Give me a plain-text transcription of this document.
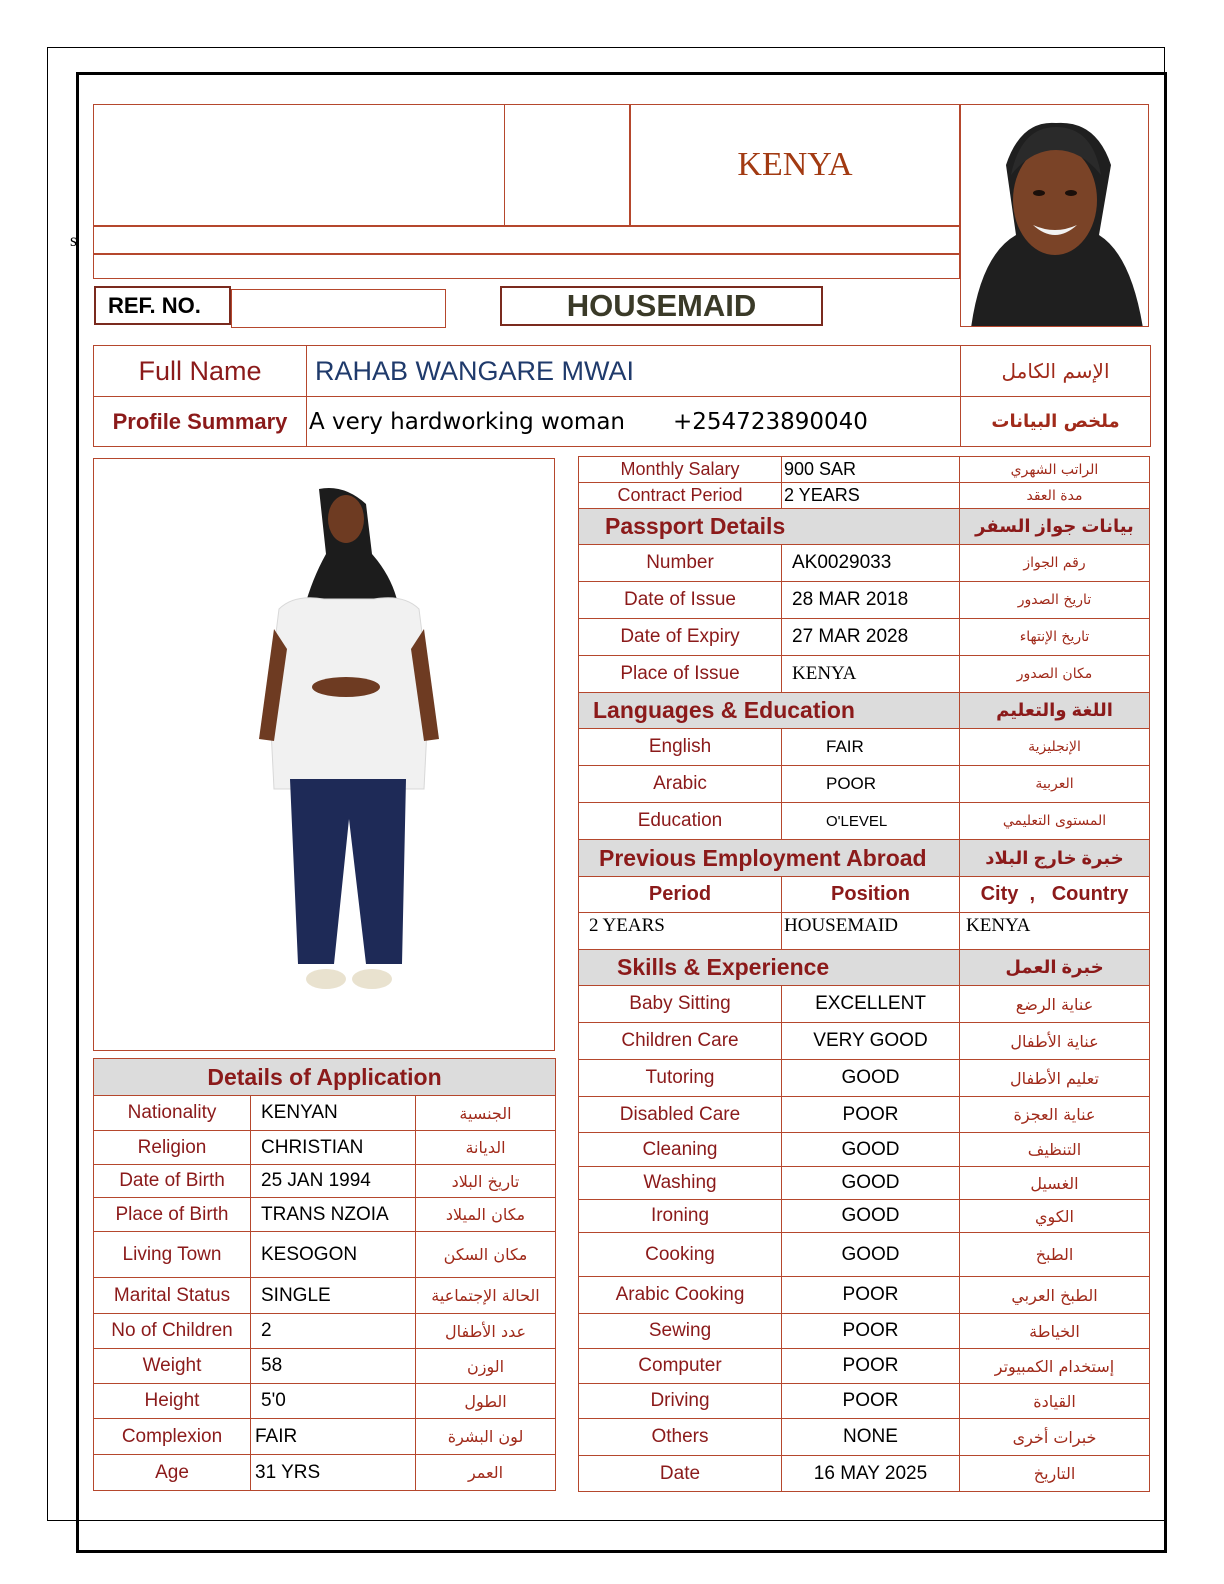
s
KENYA
REF. NO.	HOUSEMAID
Full Name	RAHAB WANGARE MWAI	الإسم الكامل
Profile Summary	A very hardworking woman +254723890040	ملخص البيانات
Details of Application		
Nationality	KENYAN	الجنسية
Religion	CHRISTIAN	الديانة
Date of Birth	25 JAN 1994	تاريخ البلاد
Place of Birth	TRANS NZOIA	مكان الميلاد
Living Town	KESOGON	مكان السكن
Marital Status	SINGLE	الحالة الإجتماعية
No of Children	2	عدد الأطفال
Weight	58	الوزن
Height	5'0	الطول
Complexion	FAIR	لون البشرة
Age	31 YRS	العمر
Monthly Salary	900 SAR	الراتب الشهري
Contract Period	2 YEARS	مدة العقد
Passport Details		بيانات جواز السفر
Number	AK0029033	رقم الجواز
Date of Issue	28 MAR 2018	تاريخ الصدور
Date of Expiry	27 MAR 2028	تاريخ الإنتهاء
Place of Issue	KENYA	مكان الصدور
Languages & Education		اللغة والتعليم
English	FAIR	الإنجليزية
Arabic	POOR	العربية
Education	O'LEVEL	المستوى التعليمي
Previous Employment Abroad		خبرة خارج البلاد
Period	Position	City  ,   Country
2 YEARS	HOUSEMAID	KENYA
Skills & Experience		خبرة العمل
Baby Sitting	EXCELLENT	عناية الرضع
Children Care	VERY GOOD	عناية الأطفال
Tutoring	GOOD	تعليم الأطفال
Disabled Care	POOR	عناية العجزة
Cleaning	GOOD	التنظيف
Washing	GOOD	الغسيل
Ironing	GOOD	الكوي
Cooking	GOOD	الطبخ
Arabic Cooking	POOR	الطبخ العربي
Sewing	POOR	الخياطة
Computer	POOR	إستخدام الكمبيوتر
Driving	POOR	القيادة
Others	NONE	خبرات أخرى
Date	16 MAY 2025	التاريخ
